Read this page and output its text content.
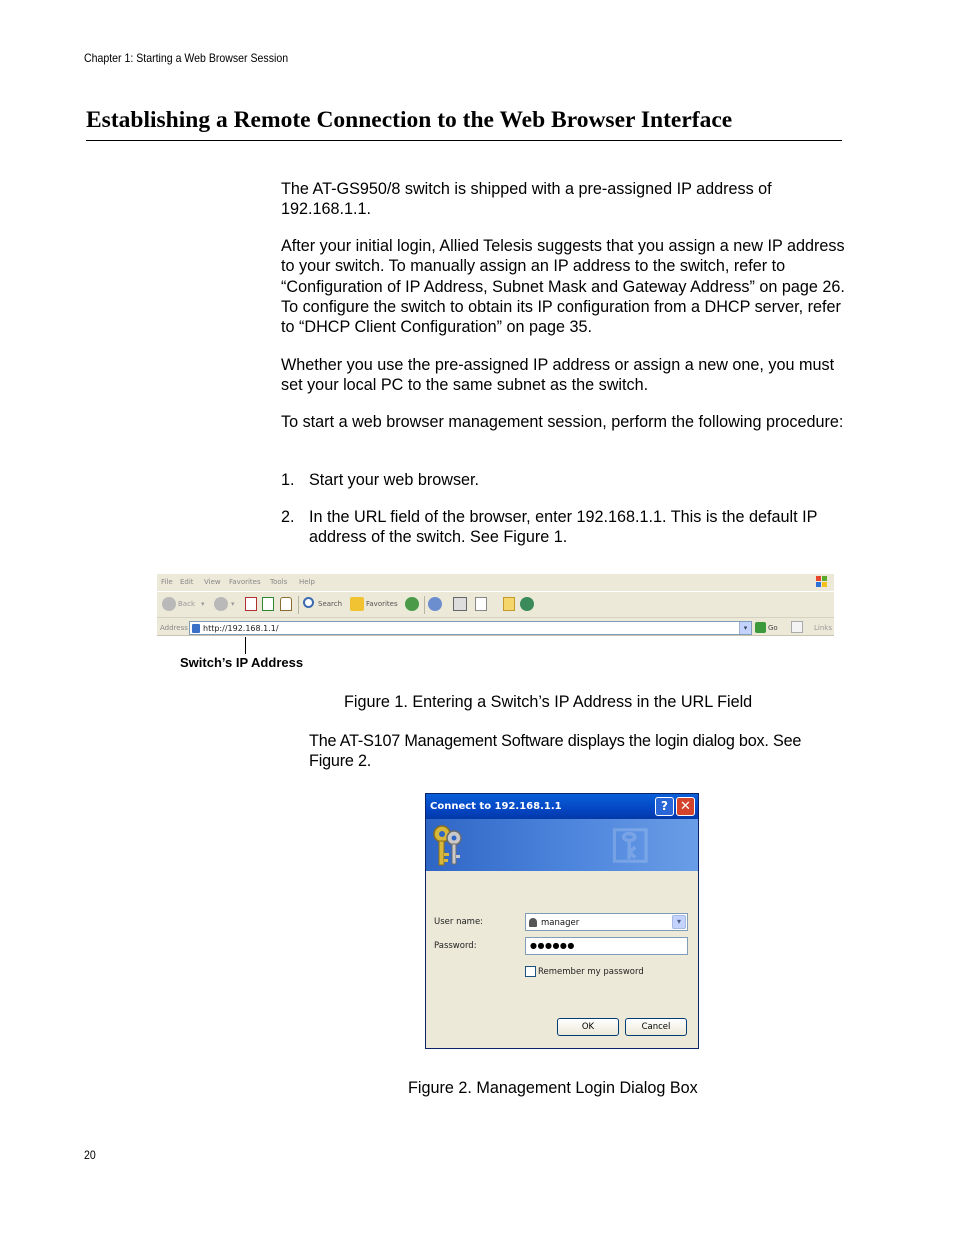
Chapter 1: Starting a Web Browser Session
Establishing a Remote Connection to the Web Browser Interface

The AT-GS950/8 switch is shipped with a pre-assigned IP address of 192.168.1.1.

After your initial login, Allied Telesis suggests that you assign a new IP address to your switch. To manually assign an IP address to the switch, refer to “Configuration of IP Address, Subnet Mask and Gateway Address” on page 26. To configure the switch to obtain its IP configuration from a DHCP server, refer to “DHCP Client Configuration” on page 35.

Whether you use the pre-assigned IP address or assign a new one, you must set your local PC to the same subnet as the switch.

To start a web browser management session, perform the following procedure:

1. Start your web browser.
2. In the URL field of the browser, enter 192.168.1.1. This is the default IP address of the switch. See Figure 1.
File Edit View Favorites Tools Help
Back ▾	▾	Search	Favorites
Address http://192.168.1.1/	▾	Go	Links
Switch’s IP Address
Figure 1. Entering a Switch’s IP Address in the URL Field

The AT-S107 Management Software displays the login dialog box. See Figure 2.

Connect to 192.168.1.1	? ✕
⚿
User name:	manager	▾
Password:	●●●●●●
Remember my password
OK	Cancel
Figure 2. Management Login Dialog Box
20
